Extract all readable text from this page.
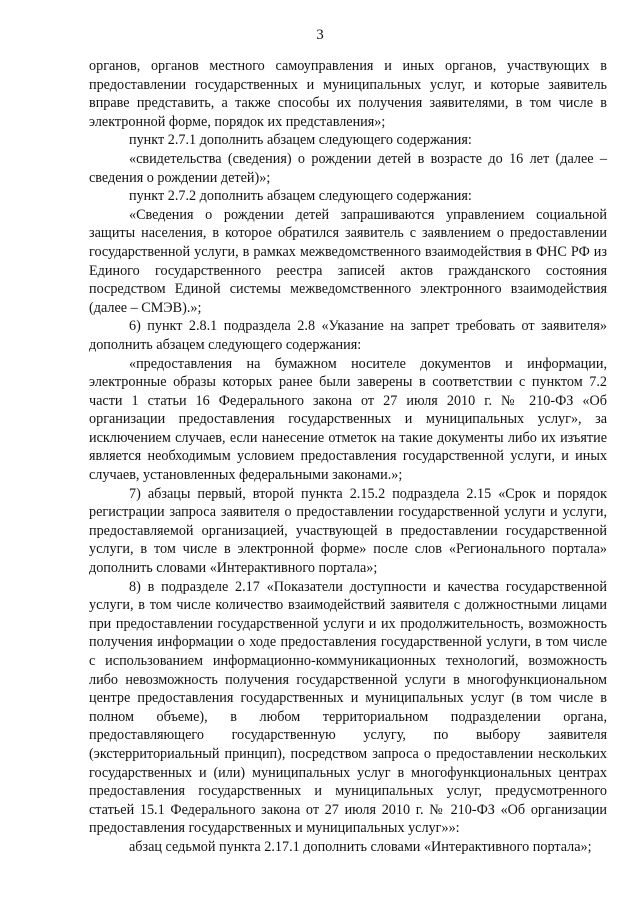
3

органов, органов местного самоуправления и иных органов, участвующих в предоставлении государственных и муниципальных услуг, и которые заявитель вправе представить, а также способы их получения заявителями, в том числе в электронной форме, порядок их представления»;

пункт 2.7.1 дополнить абзацем следующего содержания:

«свидетельства (сведения) о рождении детей в возрасте до 16 лет (далее – сведения о рождении детей)»;

пункт 2.7.2 дополнить абзацем следующего содержания:

«Сведения о рождении детей запрашиваются управлением социальной защиты населения, в которое обратился заявитель с заявлением о предоставлении государственной услуги, в рамках межведомственного взаимодействия в ФНС РФ из Единого государственного реестра записей актов гражданского состояния посредством Единой системы межведомственного электронного взаимодействия (далее – СМЭВ).»;

6) пункт 2.8.1 подраздела 2.8 «Указание на запрет требовать от заявителя» дополнить абзацем следующего содержания:

«предоставления на бумажном носителе документов и информации, электронные образы которых ранее были заверены в соответствии с пунктом 7.2 части 1 статьи 16 Федерального закона от 27 июля 2010 г. № 210-ФЗ «Об организации предоставления государственных и муниципальных услуг», за исключением случаев, если нанесение отметок на такие документы либо их изъятие является необходимым условием предоставления государственной услуги, и иных случаев, установленных федеральными законами.»;

7) абзацы первый, второй пункта 2.15.2 подраздела 2.15 «Срок и порядок регистрации запроса заявителя о предоставлении государственной услуги и услуги, предоставляемой организацией, участвующей в предоставлении государственной услуги, в том числе в электронной форме» после слов «Регионального портала» дополнить словами «Интерактивного портала»;

8) в подразделе 2.17 «Показатели доступности и качества государственной услуги, в том числе количество взаимодействий заявителя с должностными лицами при предоставлении государственной услуги и их продолжительность, возможность получения информации о ходе предоставления государственной услуги, в том числе с использованием информационно-коммуникационных технологий, возможность либо невозможность получения государственной услуги в многофункциональном центре предоставления государственных и муниципальных услуг (в том числе в полном объеме), в любом территориальном подразделении органа, предоставляющего государственную услугу, по выбору заявителя (экстерриториальный принцип), посредством запроса о предоставлении нескольких государственных и (или) муниципальных услуг в многофункциональных центрах предоставления государственных и муниципальных услуг, предусмотренного статьей 15.1 Федерального закона от 27 июля 2010 г. № 210-ФЗ «Об организации предоставления государственных и муниципальных услуг»»:

абзац седьмой пункта 2.17.1 дополнить словами «Интерактивного портала»;
